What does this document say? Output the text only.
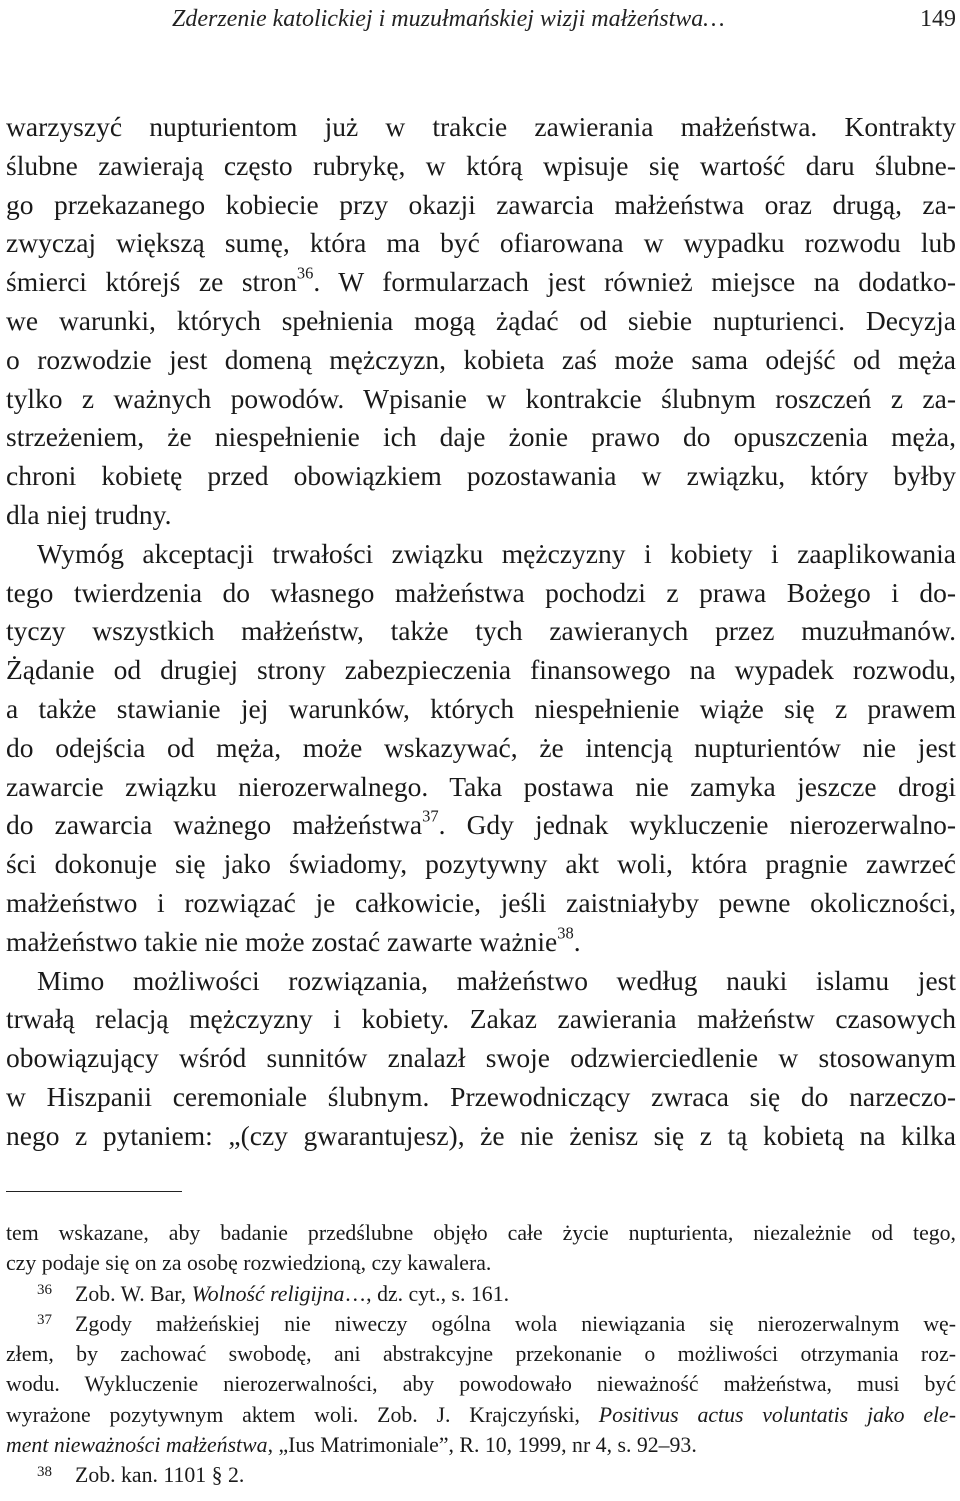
Zderzenie katolickiej i muzułmańskiej wizji małżeństwa…	149
warzyszyć nupturientom już w trakcie zawierania małżeństwa. Kontrakty
ślubne zawierają często rubrykę, w którą wpisuje się wartość daru ślubne-
go przekazanego kobiecie przy okazji zawarcia małżeństwa oraz drugą, za-
zwyczaj większą sumę, która ma być ofiarowana w wypadku rozwodu lub
śmierci którejś ze stron$^{36}$. W formularzach jest również miejsce na dodatko-
we warunki, których spełnienia mogą żądać od siebie nupturienci. Decyzja
o rozwodzie jest domeną mężczyzn, kobieta zaś może sama odejść od męża
tylko z ważnych powodów. Wpisanie w kontrakcie ślubnym roszczeń z za-
strzeżeniem, że niespełnienie ich daje żonie prawo do opuszczenia męża,
chroni kobietę przed obowiązkiem pozostawania w związku, który byłby
dla niej trudny.
Wymóg akceptacji trwałości związku mężczyzny i kobiety i zaaplikowania
tego twierdzenia do własnego małżeństwa pochodzi z prawa Bożego i do-
tyczy wszystkich małżeństw, także tych zawieranych przez muzułmanów.
Żądanie od drugiej strony zabezpieczenia finansowego na wypadek rozwodu,
a także stawianie jej warunków, których niespełnienie wiąże się z prawem
do odejścia od męża, może wskazywać, że intencją nupturientów nie jest
zawarcie związku nierozerwalnego. Taka postawa nie zamyka jeszcze drogi
do zawarcia ważnego małżeństwa$^{37}$. Gdy jednak wykluczenie nierozerwalno-
ści dokonuje się jako świadomy, pozytywny akt woli, która pragnie zawrzeć
małżeństwo i rozwiązać je całkowicie, jeśli zaistniałyby pewne okoliczności,
małżeństwo takie nie może zostać zawarte ważnie$^{38}$.
Mimo możliwości rozwiązania, małżeństwo według nauki islamu jest
trwałą relacją mężczyzny i kobiety. Zakaz zawierania małżeństw czasowych
obowiązujący wśród sunnitów znalazł swoje odzwierciedlenie w stosowanym
w Hiszpanii ceremoniale ślubnym. Przewodniczący zwraca się do narzeczo-
nego z pytaniem: „(czy gwarantujesz), że nie żenisz się z tą kobietą na kilka
tem wskazane, aby badanie przedślubne objęło całe życie nupturienta, niezależnie od tego,
czy podaje się on za osobę rozwiedzioną, czy kawalera.
36 Zob. W. Bar, Wolność religijna…, dz. cyt., s. 161.
37 Zgody małżeńskiej nie niweczy ogólna wola niewiązania się nierozerwalnym wę-
złem, by zachować swobodę, ani abstrakcyjne przekonanie o możliwości otrzymania roz-
wodu. Wykluczenie nierozerwalności, aby powodowało nieważność małżeństwa, musi być
wyrażone pozytywnym aktem woli. Zob. J. Krajczyński, Positivus actus voluntatis jako ele-
ment nieważności małżeństwa, „Ius Matrimoniale”, R. 10, 1999, nr 4, s. 92–93.
38 Zob. kan. 1101 § 2.
